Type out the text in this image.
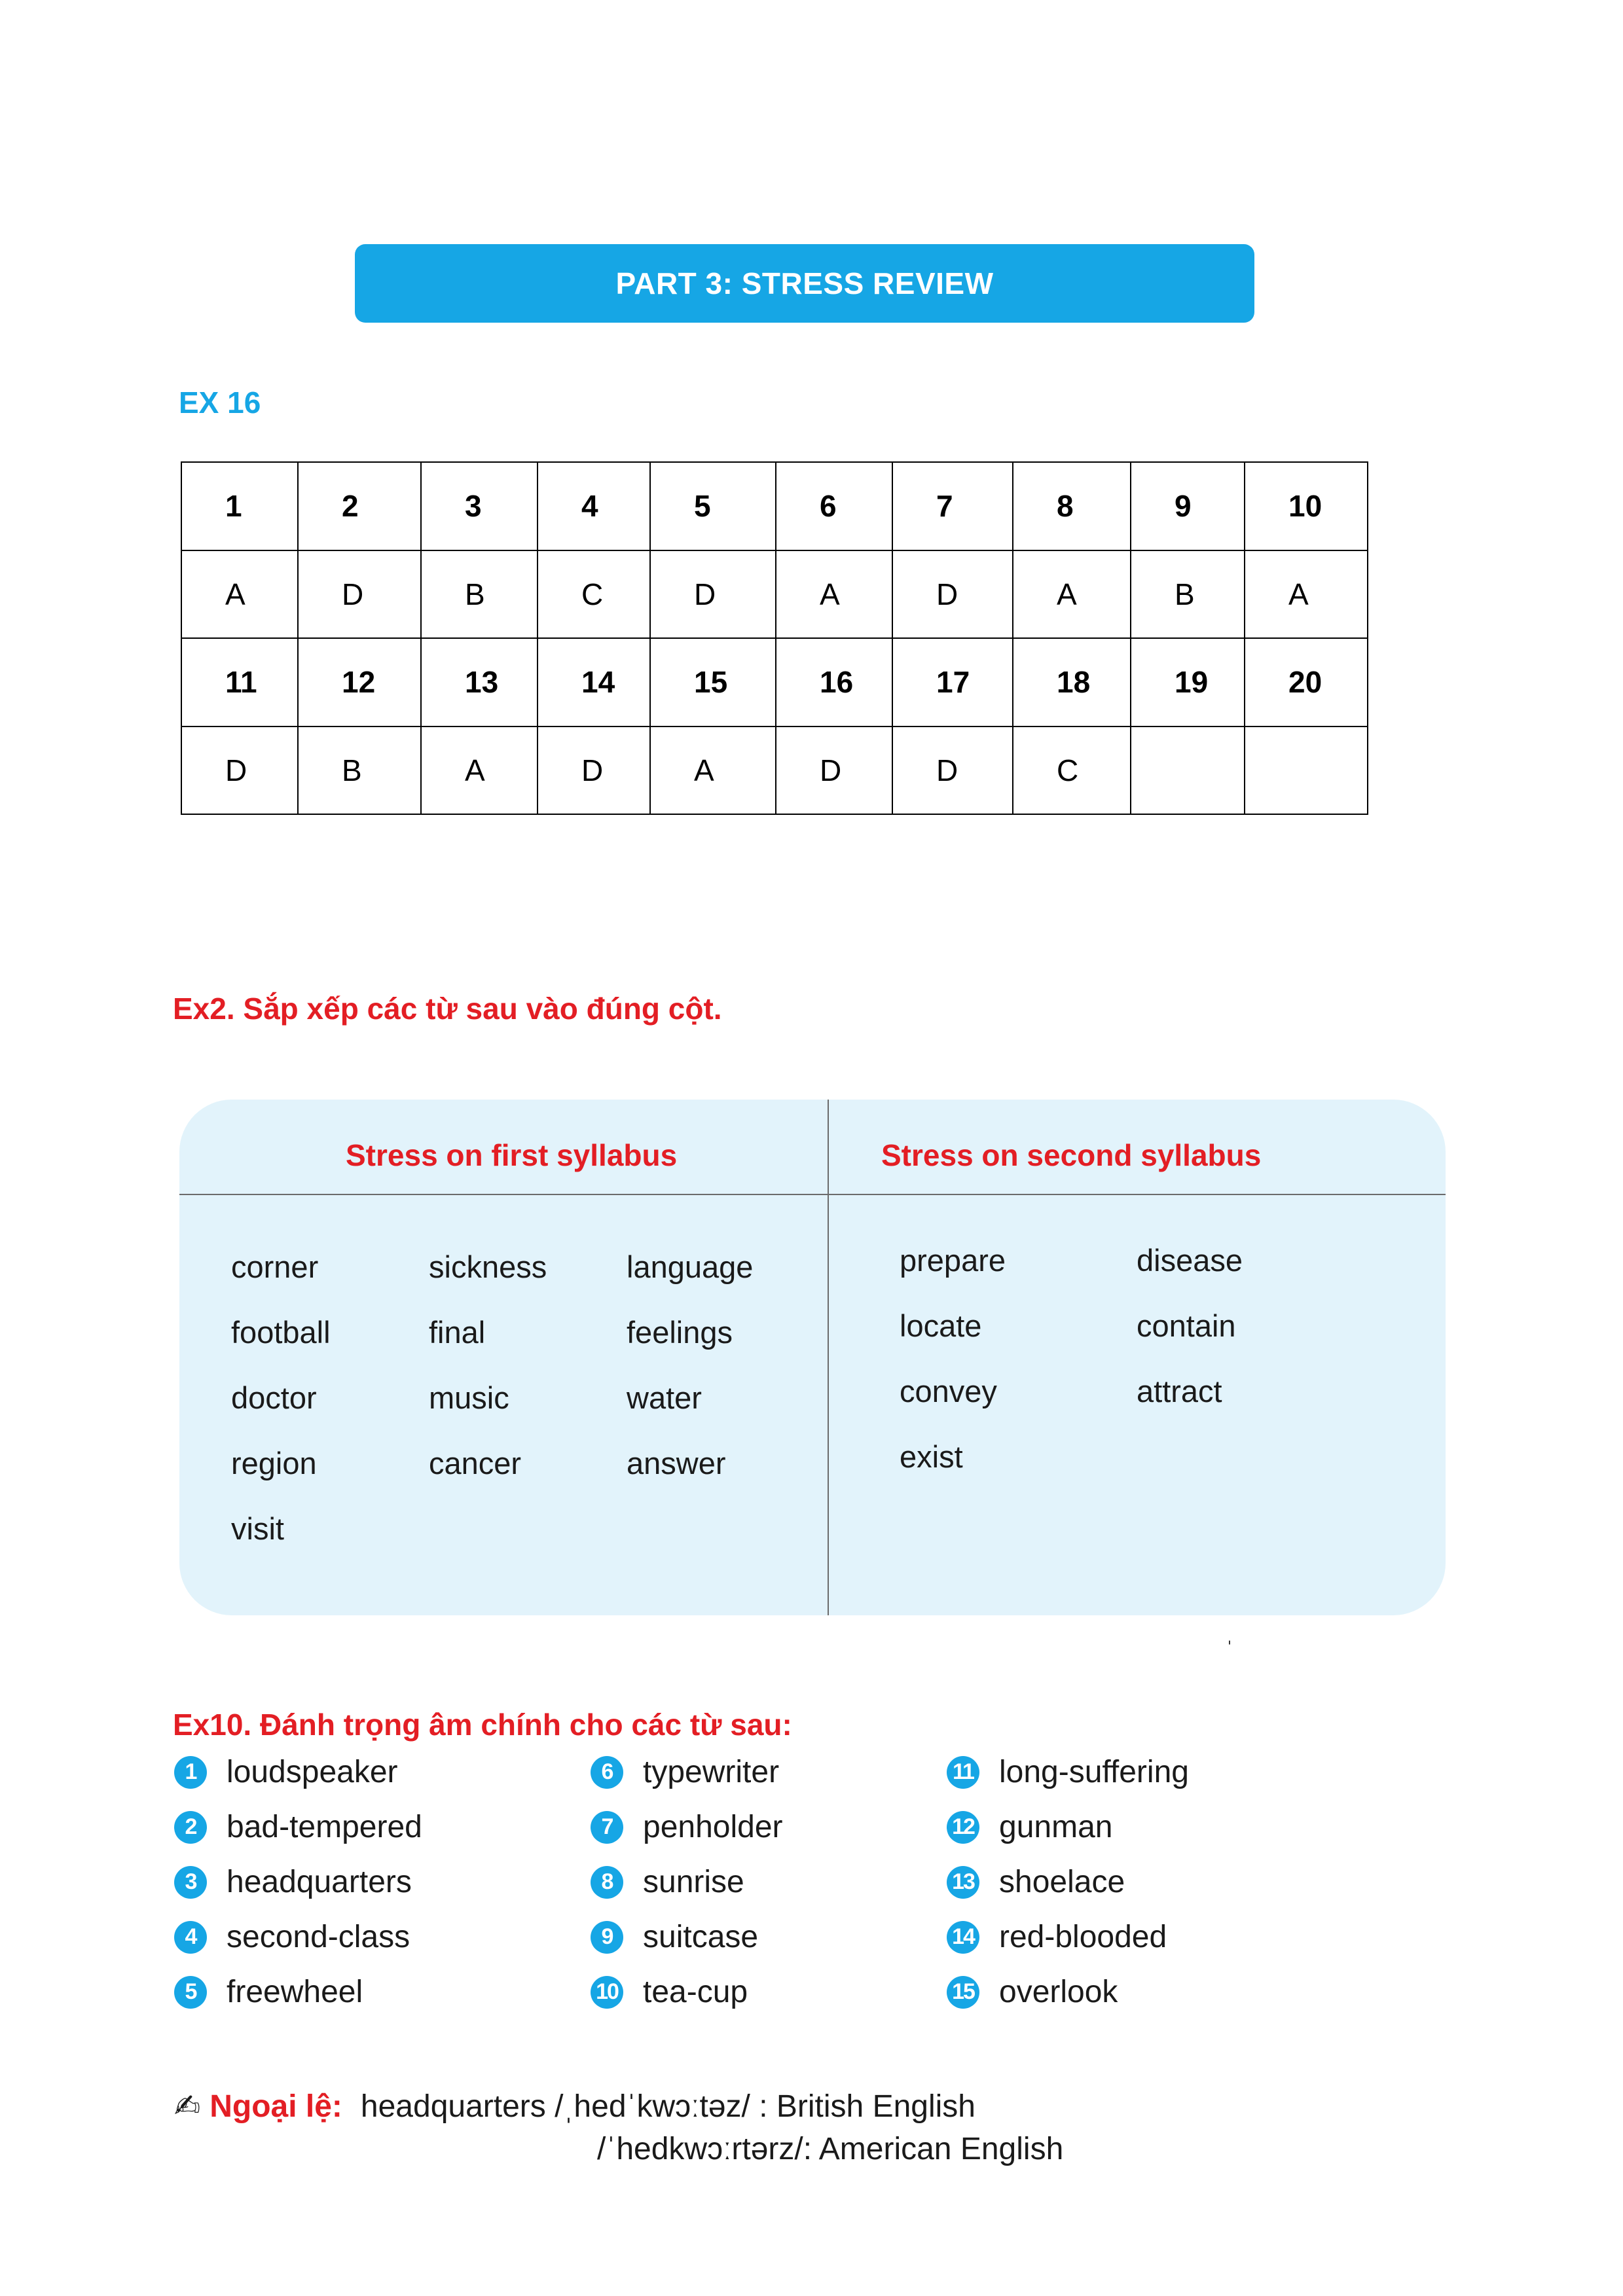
PART 3: STRESS REVIEW
EX 16
1	2	3	4	5	6	7	8	9	10
A	D	B	C	D	A	D	A	B	A
11	12	13	14	15	16	17	18	19	20
D	B	A	D	A	D	D	C		
Ex2. Sắp xếp các từ sau vào đúng cột.
Stress on first syllabus	Stress on second syllabus
corner	sickness	language
football	final	feelings
doctor	music	water
region	cancer	answer
visit
prepare	disease
locate	contain
convey	attract
exist
ˈ
Ex10. Đánh trọng âm chính cho các từ sau:
1 loudspeaker
2 bad-tempered
3 headquarters
4 second-class
5 freewheel
6 typewriter
7 penholder
8 sunrise
9 suitcase
10 tea-cup
11 long-suffering
12 gunman
13 shoelace
14 red-blooded
15 overlook
✍ Ngoại lệ: headquarters /ˌhedˈkwɔːtəz/ : British English
/ˈhedkwɔːrtərz/: American English
